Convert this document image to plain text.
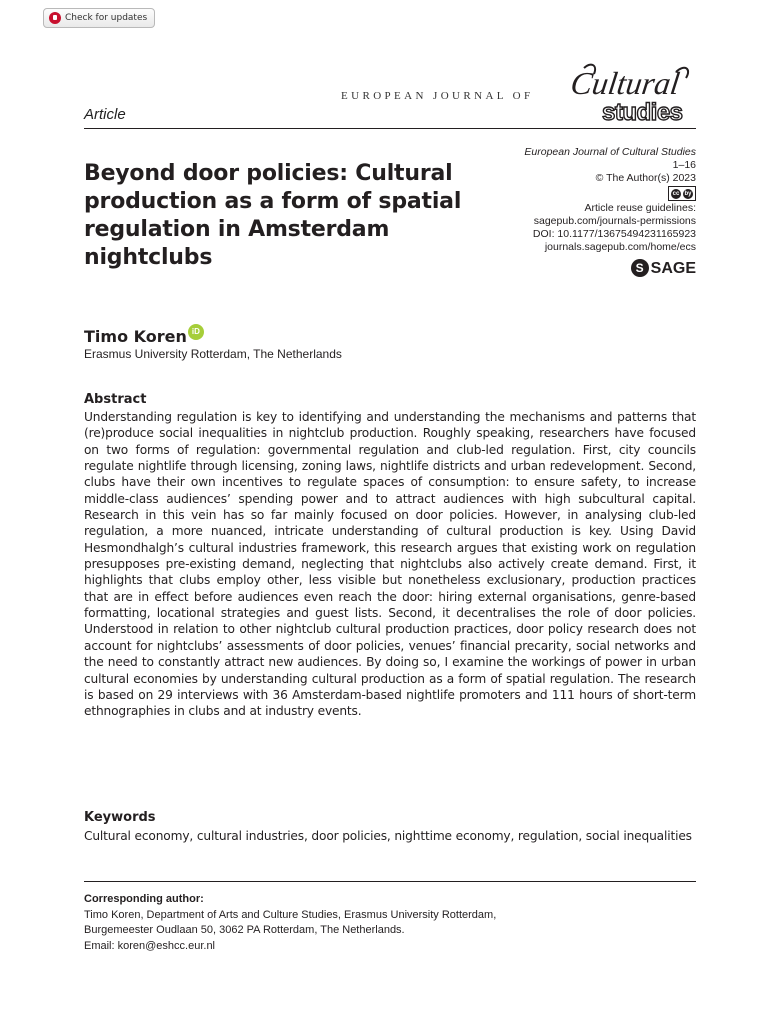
Check for updates
EUROPEAN JOURNAL OF Cultural
studies
Article
European Journal of Cultural Studies
1–16
© The Author(s) 2023
cc by
Article reuse guidelines:
sagepub.com/journals-permissions
DOI: 10.1177/13675494231165923
journals.sagepub.com/home/ecs
S SAGE
Beyond door policies: Cultural
production as a form of spatial
regulation in Amsterdam
nightclubs
Timo Koren iD
Erasmus University Rotterdam, The Netherlands
Abstract
Understanding regulation is key to identifying and understanding the mechanisms and patterns that (re)produce social inequalities in nightclub production. Roughly speaking, researchers have focused on two forms of regulation: governmental regulation and club-led regulation. First, city councils regulate nightlife through licensing, zoning laws, nightlife districts and urban redevelopment. Second, clubs have their own incentives to regulate spaces of consumption: to ensure safety, to increase middle-class audiences’ spending power and to attract audiences with high subcultural capital. Research in this vein has so far mainly focused on door policies. However, in analysing club-led regulation, a more nuanced, intricate understanding of cultural production is key. Using David Hesmondhalgh’s cultural industries framework, this research argues that existing work on regulation presupposes pre-existing demand, neglecting that nightclubs also actively create demand. First, it highlights that clubs employ other, less visible but nonetheless exclusionary, production practices that are in effect before audiences even reach the door: hiring external organisations, genre-based formatting, locational strategies and guest lists. Second, it decentralises the role of door policies. Understood in relation to other nightclub cultural production practices, door policy research does not account for nightclubs’ assessments of door policies, venues’ financial precarity, social networks and the need to constantly attract new audiences. By doing so, I examine the workings of power in urban cultural economies by understanding cultural production as a form of spatial regulation. The research is based on 29 interviews with 36 Amsterdam-based nightlife promoters and 111 hours of short-term ethnographies in clubs and at industry events.
Keywords
Cultural economy, cultural industries, door policies, nighttime economy, regulation, social inequalities
Corresponding author:
Timo Koren, Department of Arts and Culture Studies, Erasmus University Rotterdam,
Burgemeester Oudlaan 50, 3062 PA Rotterdam, The Netherlands.
Email: koren@eshcc.eur.nl
